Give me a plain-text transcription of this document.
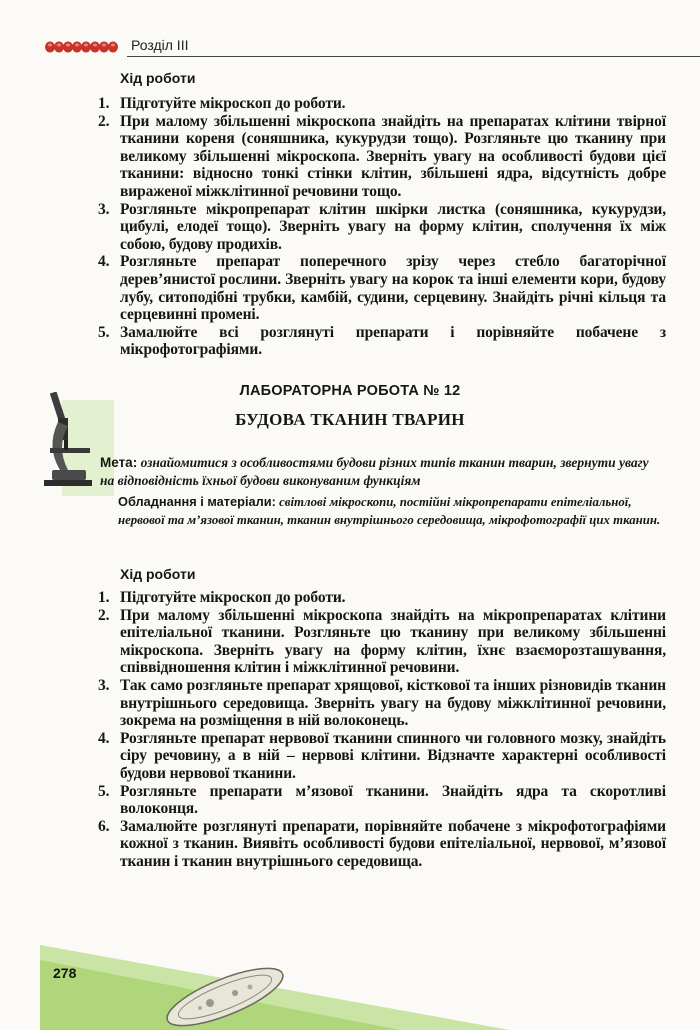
Розділ ІІІ
Хід роботи
1. Підготуйте мікроскоп до роботи.
2. При малому збільшенні мікроскопа знайдіть на препаратах клітини твірної тканини кореня (соняшника, кукурудзи тощо). Розгляньте цю тканину при великому збільшенні мікроскопа. Зверніть увагу на особливості будови цієї тканини: відносно тонкі стінки клітин, збільшені ядра, відсутність добре вираженої міжклітинної речовини тощо.
3. Розгляньте мікропрепарат клітин шкірки листка (соняшника, кукурудзи, цибулі, елодеї тощо). Зверніть увагу на форму клітин, сполучення їх між собою, будову продихів.
4. Розгляньте препарат поперечного зрізу через стебло багаторічної дерев’янистої рослини. Зверніть увагу на корок та інші елементи кори, будову лубу, ситоподібні трубки, камбій, судини, серцевину. Знайдіть річні кільця та серцевинні промені.
5. Замалюйте всі розглянуті препарати і порівняйте побачене з мікрофотографіями.
ЛАБОРАТОРНА РОБОТА № 12
БУДОВА ТКАНИН ТВАРИН
Мета: ознайомитися з особливостями будови різних типів тканин тварин, звернути увагу на відповідність їхньої будови виконуваним функціям
Обладнання і матеріали: світлові мікроскопи, постійні мікропрепарати епітеліальної, нервової та м’язової тканин, тканин внутрішнього середовища, мікрофотографії цих тканин.
Хід роботи
1. Підготуйте мікроскоп до роботи.
2. При малому збільшенні мікроскопа знайдіть на мікропрепаратах клітини епітеліальної тканини. Розгляньте цю тканину при великому збільшенні мікроскопа. Зверніть увагу на форму клітин, їхнє взаєморозташування, співвідношення клітин і міжклітинної речовини.
3. Так само розгляньте препарат хрящової, кісткової та інших різновидів тканин внутрішнього середовища. Зверніть увагу на будову міжклітинної речовини, зокрема на розміщення в ній волоконець.
4. Розгляньте препарат нервової тканини спинного чи головного мозку, знайдіть сіру речовину, а в ній – нервові клітини. Відзначте характерні особливості будови нервової тканини.
5. Розгляньте препарати м’язової тканини. Знайдіть ядра та скоротливі волоконця.
6. Замалюйте розглянуті препарати, порівняйте побачене з мікрофотографіями кожної з тканин. Виявіть особливості будови епітеліальної, нервової, м’язової тканин і тканин внутрішнього середовища.
278
